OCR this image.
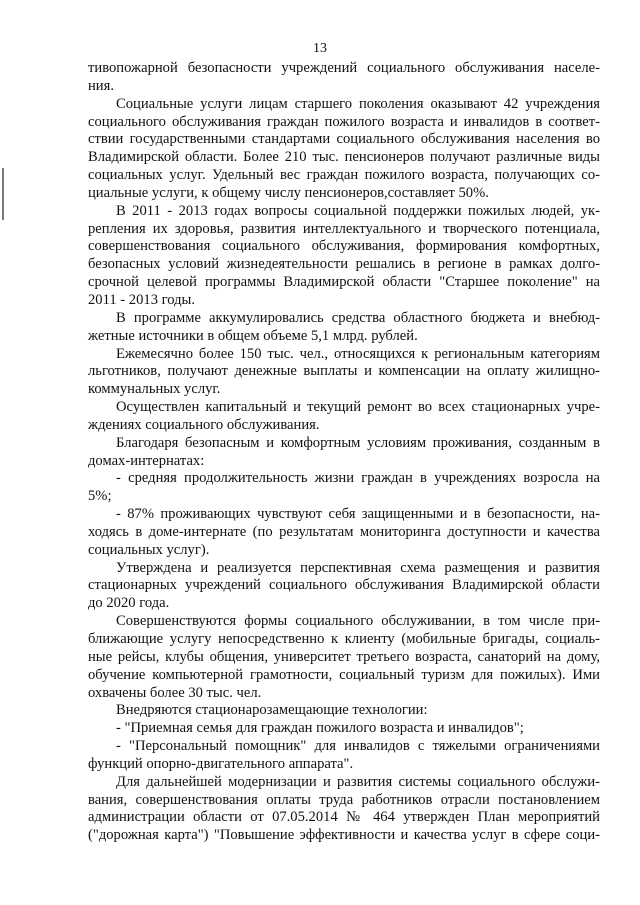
13
тивопожарной безопасности учреждений социального обслуживания населе-
ния.
Социальные услуги лицам старшего поколения оказывают 42 учреждения
социального обслуживания граждан пожилого возраста и инвалидов в соответ-
ствии государственными стандартами социального обслуживания населения во
Владимирской области. Более 210 тыс. пенсионеров получают различные виды
социальных услуг. Удельный вес граждан пожилого возраста, получающих со-
циальные услуги, к общему числу пенсионеров,составляет 50%.
В 2011 - 2013 годах вопросы социальной поддержки пожилых людей, ук-
репления их здоровья, развития интеллектуального и творческого потенциала,
совершенствования социального обслуживания, формирования комфортных,
безопасных условий жизнедеятельности решались в регионе в рамках долго-
срочной целевой программы Владимирской области "Старшее поколение" на
2011 - 2013 годы.
В программе аккумулировались средства областного бюджета и внебюд-
жетные источники в общем объеме 5,1 млрд. рублей.
Ежемесячно более 150 тыс. чел., относящихся к региональным категориям
льготников, получают денежные выплаты и компенсации на оплату жилищно-
коммунальных услуг.
Осуществлен капитальный и текущий ремонт во всех стационарных учре-
ждениях социального обслуживания.
Благодаря безопасным и комфортным условиям проживания, созданным в
домах-интернатах:
- средняя продолжительность жизни граждан в учреждениях возросла на
5%;
- 87% проживающих чувствуют себя защищенными и в безопасности, на-
ходясь в доме-интернате (по результатам мониторинга доступности и качества
социальных услуг).
Утверждена и реализуется перспективная схема размещения и развития
стационарных учреждений социального обслуживания Владимирской области
до 2020 года.
Совершенствуются формы социального обслуживании, в том числе при-
ближающие услугу непосредственно к клиенту (мобильные бригады, социаль-
ные рейсы, клубы общения, университет третьего возраста, санаторий на дому,
обучение компьютерной грамотности, социальный туризм для пожилых). Ими
охвачены более 30 тыс. чел.
Внедряются стационарозамещающие технологии:
- "Приемная семья для граждан пожилого возраста и инвалидов";
- "Персональный помощник" для инвалидов с тяжелыми ограничениями
функций опорно-двигательного аппарата".
Для дальнейшей модернизации и развития системы социального обслужи-
вания, совершенствования оплаты труда работников отрасли постановлением
администрации области от 07.05.2014 № 464 утвержден План мероприятий
("дорожная карта") "Повышение эффективности и качества услуг в сфере соци-
